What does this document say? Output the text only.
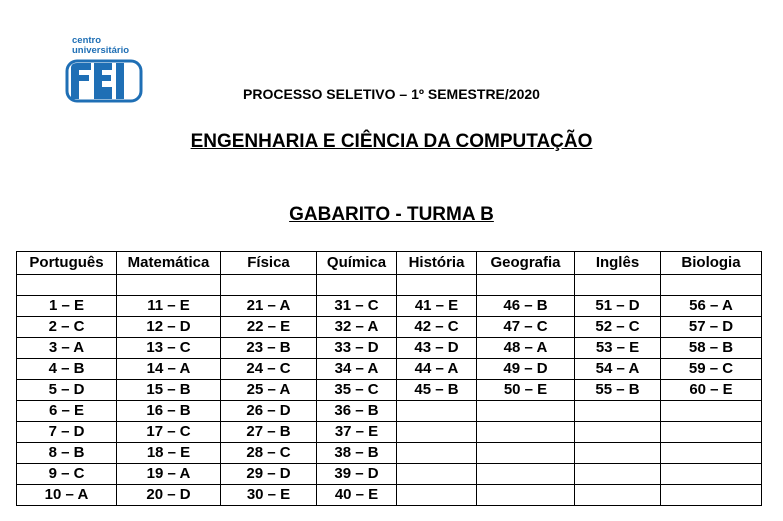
centro
universitário
PROCESSO SELETIVO – 1º SEMESTRE/2020
ENGENHARIA E CIÊNCIA DA COMPUTAÇÃO
GABARITO - TURMA B
Português	Matemática	Física	Química	História	Geografia	Inglês	Biologia

1 – E	11 – E	21 – A	31 – C	41 – E	46 – B	51 – D	56 – A
2 – C	12 – D	22 – E	32 – A	42 – C	47 – C	52 – C	57 – D
3 – A	13 – C	23 – B	33 – D	43 – D	48 – A	53 – E	58 – B
4 – B	14 – A	24 – C	34 – A	44 – A	49 – D	54 – A	59 – C
5 – D	15 – B	25 – A	35 – C	45 – B	50 – E	55 – B	60 – E
6 – E	16 – B	26 – D	36 – B				
7 – D	17 – C	27 – B	37 – E				
8 – B	18 – E	28 – C	38 – B				
9 – C	19 – A	29 – D	39 – D				
10 – A	20 – D	30 – E	40 – E				
